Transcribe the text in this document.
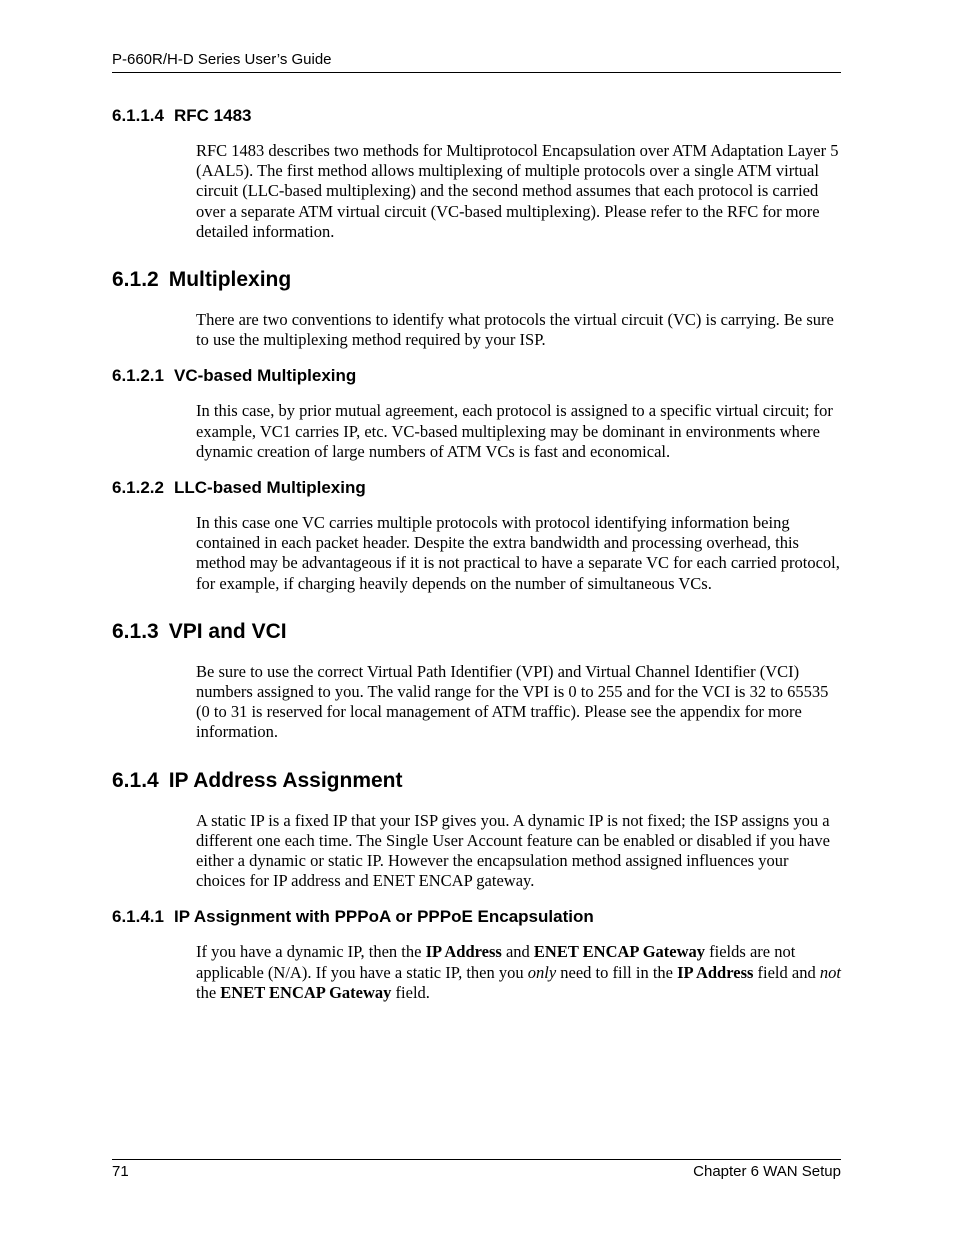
P-660R/H-D Series User’s Guide
6.1.1.4 RFC 1483

RFC 1483 describes two methods for Multiprotocol Encapsulation over ATM Adaptation Layer 5 (AAL5). The first method allows multiplexing of multiple protocols over a single ATM virtual circuit (LLC-based multiplexing) and the second method assumes that each protocol is carried over a separate ATM virtual circuit (VC-based multiplexing). Please refer to the RFC for more detailed information.

6.1.2 Multiplexing

There are two conventions to identify what protocols the virtual circuit (VC) is carrying. Be sure to use the multiplexing method required by your ISP.

6.1.2.1 VC-based Multiplexing

In this case, by prior mutual agreement, each protocol is assigned to a specific virtual circuit; for example, VC1 carries IP, etc. VC-based multiplexing may be dominant in environments where dynamic creation of large numbers of ATM VCs is fast and economical.

6.1.2.2 LLC-based Multiplexing

In this case one VC carries multiple protocols with protocol identifying information being contained in each packet header. Despite the extra bandwidth and processing overhead, this method may be advantageous if it is not practical to have a separate VC for each carried protocol, for example, if charging heavily depends on the number of simultaneous VCs.

6.1.3 VPI and VCI

Be sure to use the correct Virtual Path Identifier (VPI) and Virtual Channel Identifier (VCI) numbers assigned to you. The valid range for the VPI is 0 to 255 and for the VCI is 32 to 65535 (0 to 31 is reserved for local management of ATM traffic). Please see the appendix for more information.

6.1.4 IP Address Assignment

A static IP is a fixed IP that your ISP gives you. A dynamic IP is not fixed; the ISP assigns you a different one each time. The Single User Account feature can be enabled or disabled if you have either a dynamic or static IP. However the encapsulation method assigned influences your choices for IP address and ENET ENCAP gateway.

6.1.4.1 IP Assignment with PPPoA or PPPoE Encapsulation

If you have a dynamic IP, then the IP Address and ENET ENCAP Gateway fields are not applicable (N/A). If you have a static IP, then you only need to fill in the IP Address field and not the ENET ENCAP Gateway field.

71	Chapter 6 WAN Setup
